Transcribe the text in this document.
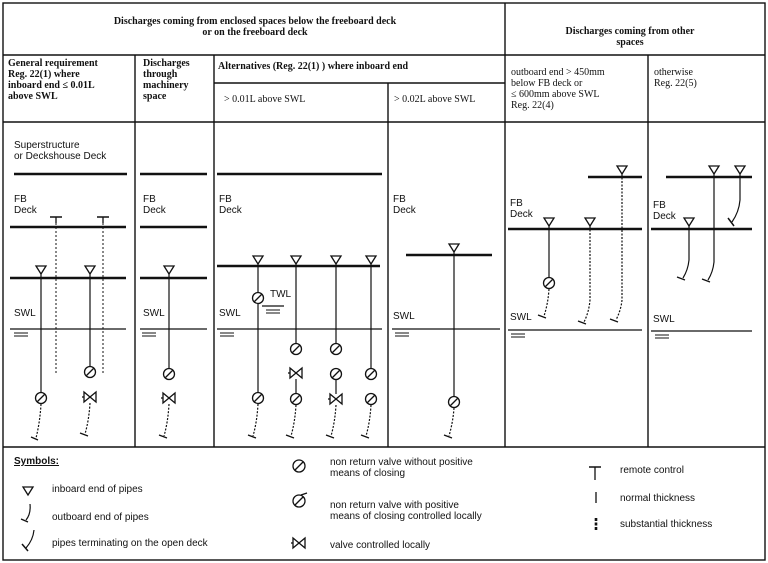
Discharges coming from enclosed spaces below the freeboard deck
or on the freeboard deck	Discharges coming from other
spaces
General requirement
Reg. 22(1) where
inboard end ≤ 0.01L
above SWL
Discharges
through
machinery
space
Alternatives (Reg. 22(1) ) where inboard end
> 0.01L above SWL	> 0.02L above SWL
outboard end > 450mm
below FB deck or
≤ 600mm above SWL
Reg. 22(4)
otherwise
Reg. 22(5)
Superstructure
or Deckshouse Deck
FB
Deck
SWL
FB
Deck
SWL
FB
Deck
SWL
TWL
FB
Deck
SWL
FB
Deck
SWL
FB
Deck
SWL
Symbols:
inboard end of pipes
outboard end of pipes
pipes terminating on the open deck
non return valve without positive
means of closing
non return valve with positive
means of closing controlled locally
valve controlled locally
remote control
normal thickness
substantial thickness
